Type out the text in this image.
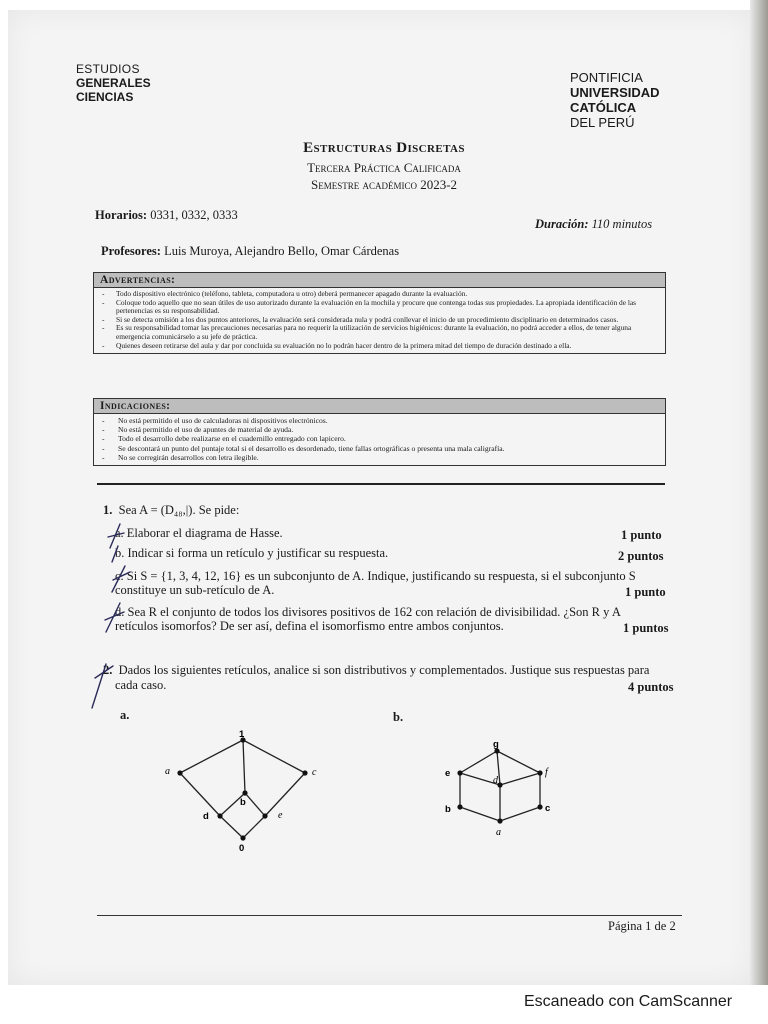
ESTUDIOS
GENERALES
CIENCIAS
PONTIFICIA
UNIVERSIDAD
CATÓLICA
DEL PERÚ
Estructuras Discretas
Tercera Práctica Calificada
Semestre académico 2023-2
Horarios: 0331, 0332, 0333
Duración: 110 minutos
Profesores: Luis Muroya, Alejandro Bello, Omar Cárdenas
Advertencias:
- Todo dispositivo electrónico (teléfono, tableta, computadora u otro) deberá permanecer apagado durante la evaluación.
- Coloque todo aquello que no sean útiles de uso autorizado durante la evaluación en la mochila y procure que contenga todas sus propiedades. La apropiada identificación de las pertenencias es su responsabilidad.
- Si se detecta omisión a los dos puntos anteriores, la evaluación será considerada nula y podrá conllevar el inicio de un procedimiento disciplinario en determinados casos.
- Es su responsabilidad tomar las precauciones necesarias para no requerir la utilización de servicios higiénicos: durante la evaluación, no podrá acceder a ellos, de tener alguna emergencia comunicárselo a su jefe de práctica.
- Quienes deseen retirarse del aula y dar por concluida su evaluación no lo podrán hacer dentro de la primera mitad del tiempo de duración destinado a ella.
Indicaciones:
- No está permitido el uso de calculadoras ni dispositivos electrónicos.
- No está permitido el uso de apuntes de material de ayuda.
- Todo el desarrollo debe realizarse en el cuadernillo entregado con lapicero.
- Se descontará un punto del puntaje total si el desarrollo es desordenado, tiene fallas ortográficas o presenta una mala caligrafía.
- No se corregirán desarrollos con letra ilegible.
1. Sea A = (D₄₈,|). Se pide:
a. Elaborar el diagrama de Hasse.	1 punto
b. Indicar si forma un retículo y justificar su respuesta.	2 puntos
c. Si S = {1, 3, 4, 12, 16} es un subconjunto de A. Indique, justificando su respuesta, si el subconjunto S
constituye un sub-retículo de A.	1 punto
d. Sea R el conjunto de todos los divisores positivos de 162 con relación de divisibilidad. ¿Son R y A
retículos isomorfos? De ser así, defina el isomorfismo entre ambos conjuntos.	1 puntos
2. Dados los siguientes retículos, analice si son distributivos y complementados. Justique sus respuestas para
cada caso.	4 puntos
a.	b.
1
a	c
b
d	e
0
g
e
d
f
b	c
a
Página 1 de 2
Escaneado con CamScanner
